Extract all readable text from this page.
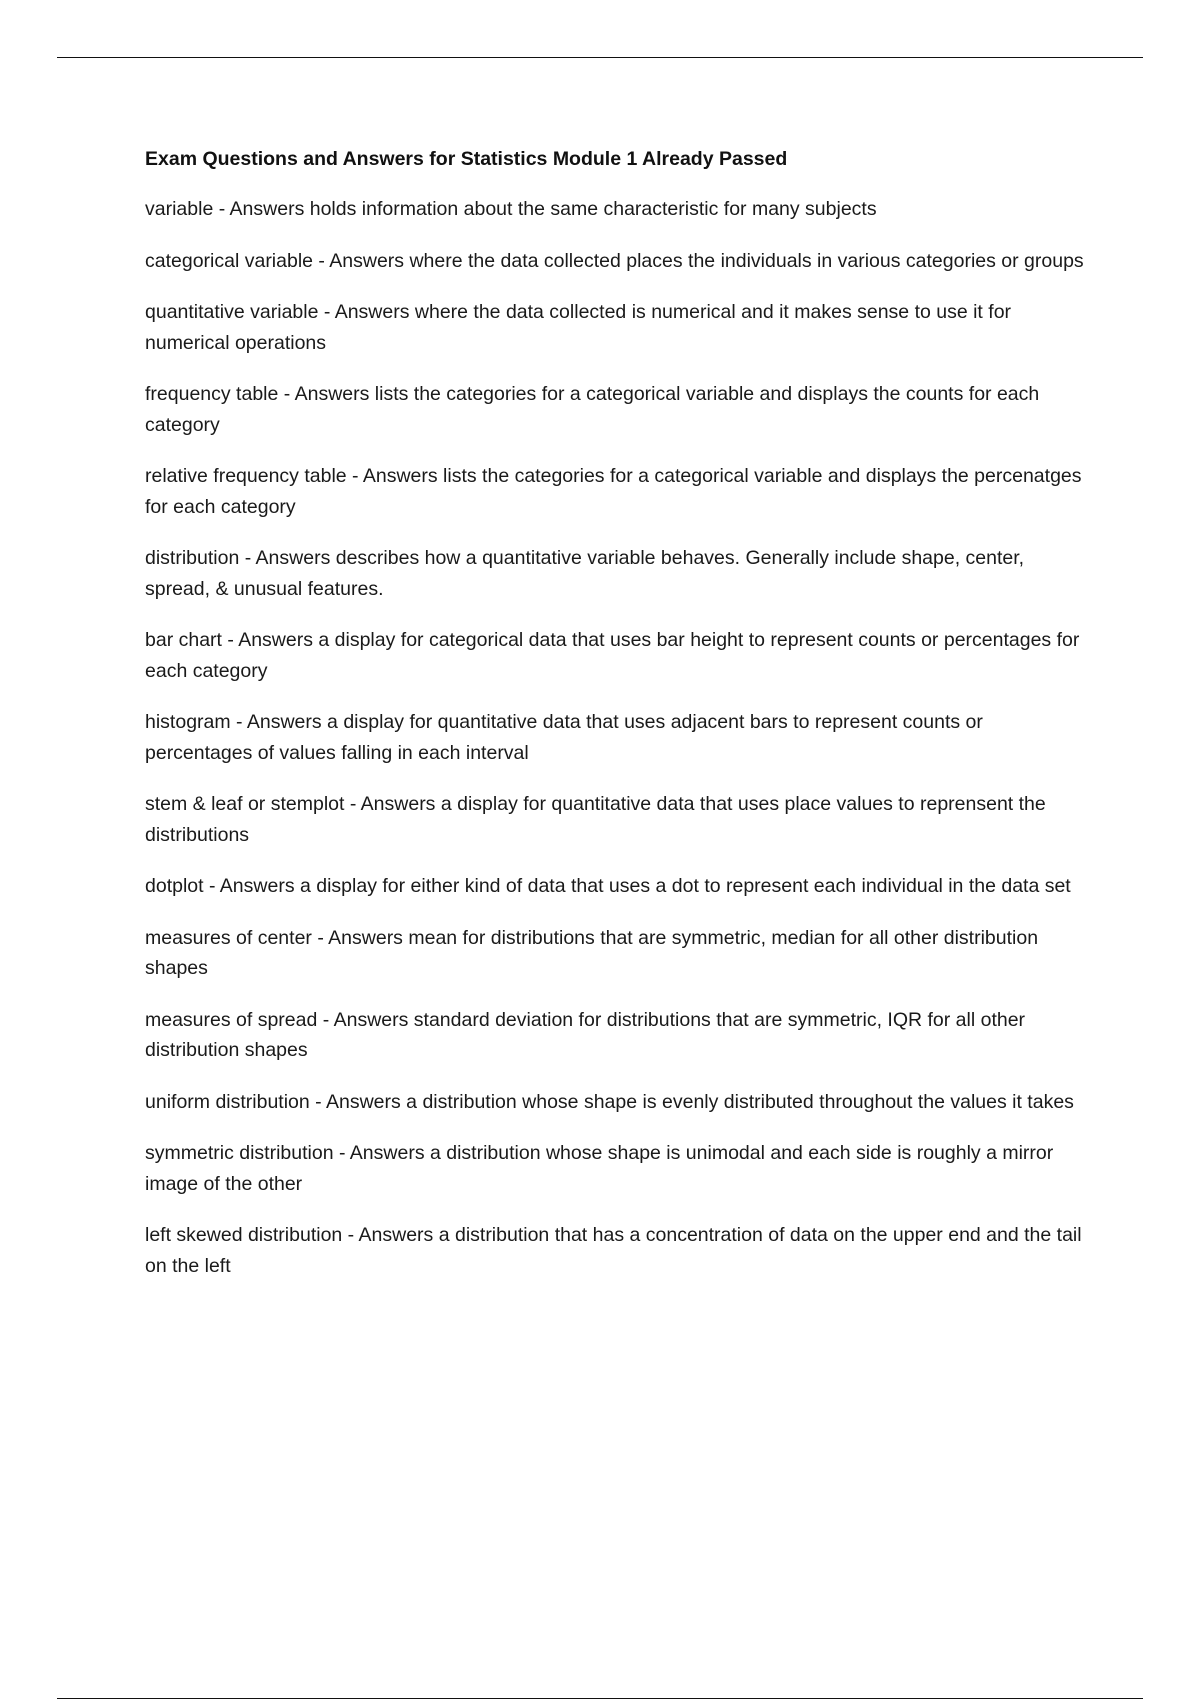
Exam Questions and Answers for Statistics Module 1 Already Passed
variable - Answers holds information about the same characteristic for many subjects
categorical variable - Answers where the data collected places the individuals in various categories or groups
quantitative variable - Answers where the data collected is numerical and it makes sense to use it for numerical operations
frequency table - Answers lists the categories for a categorical variable and displays the counts for each category
relative frequency table - Answers lists the categories for a categorical variable and displays the percenatges for each category
distribution - Answers describes how a quantitative variable behaves. Generally include shape, center, spread, & unusual features.
bar chart - Answers a display for categorical data that uses bar height to represent counts or percentages for each category
histogram - Answers a display for quantitative data that uses adjacent bars to represent counts or percentages of values falling in each interval
stem & leaf or stemplot - Answers a display for quantitative data that uses place values to reprensent the distributions
dotplot - Answers a display for either kind of data that uses a dot to represent each individual in the data set
measures of center - Answers mean for distributions that are symmetric, median for all other distribution shapes
measures of spread - Answers standard deviation for distributions that are symmetric, IQR for all other distribution shapes
uniform distribution - Answers a distribution whose shape is evenly distributed throughout the values it takes
symmetric distribution - Answers a distribution whose shape is unimodal and each side is roughly a mirror image of the other
left skewed distribution - Answers a distribution that has a concentration of data on the upper end and the tail on the left
